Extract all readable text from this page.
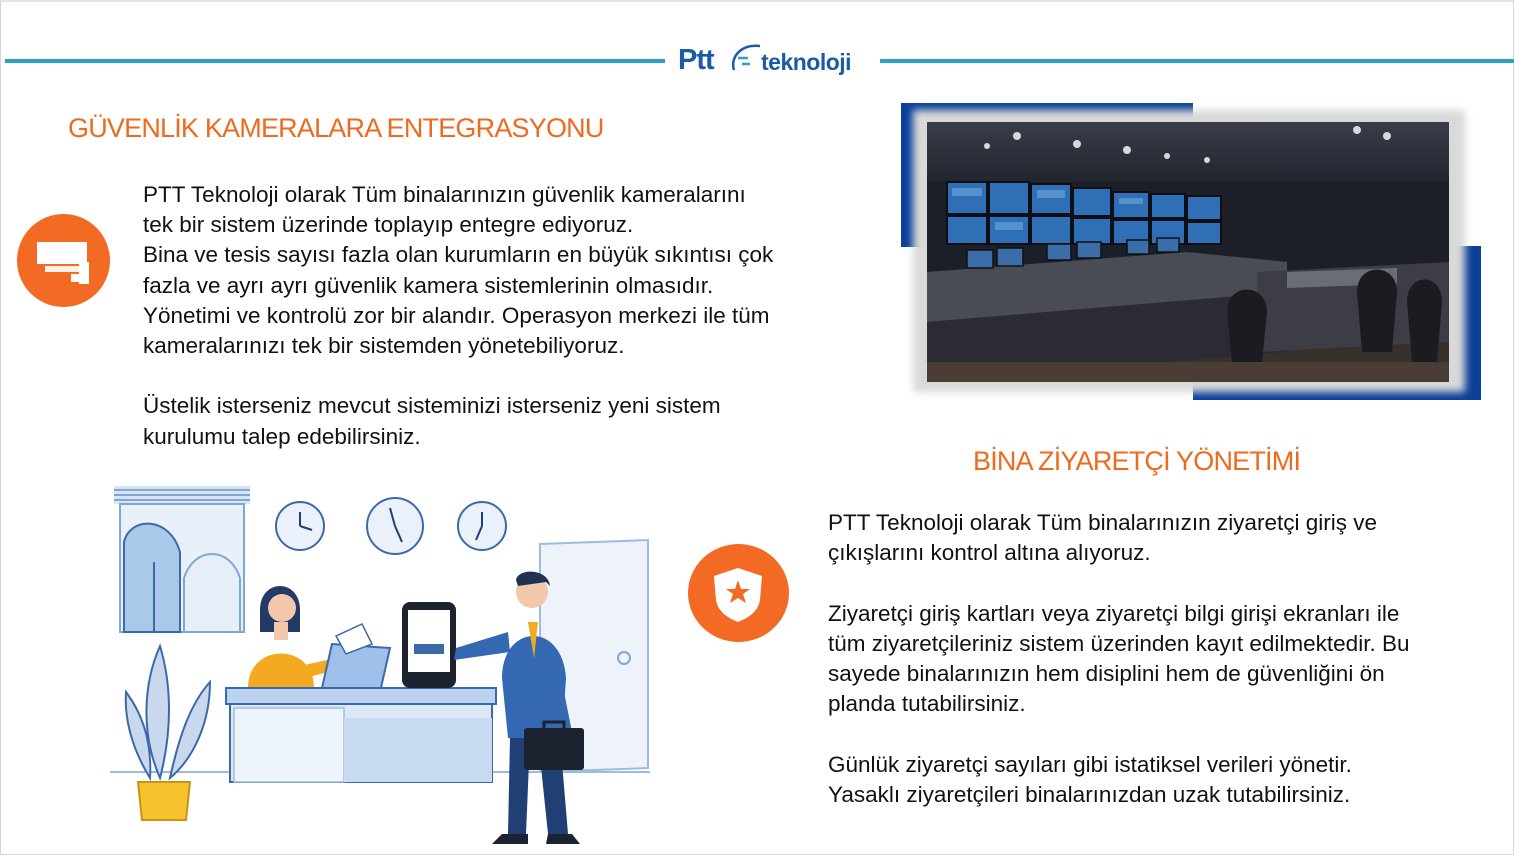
Ptt teknoloji
GÜVENLİK KAMERALARA ENTEGRASYONU
PTT Teknoloji olarak Tüm binalarınızın güvenlik kameralarını
tek bir sistem üzerinde toplayıp entegre ediyoruz.
Bina ve tesis sayısı fazla olan kurumların en büyük sıkıntısı çok
fazla ve ayrı ayrı güvenlik kamera sistemlerinin olmasıdır.
Yönetimi ve kontrolü zor bir alandır. Operasyon merkezi ile tüm
kameralarınızı tek bir sistemden yönetebiliyoruz.
Üstelik isterseniz mevcut sisteminizi isterseniz yeni sistem
kurulumu talep edebilirsiniz.
BİNA ZİYARETÇİ YÖNETİMİ
PTT Teknoloji olarak Tüm binalarınızın ziyaretçi giriş ve
çıkışlarını kontrol altına alıyoruz.
Ziyaretçi giriş kartları veya ziyaretçi bilgi girişi ekranları ile
tüm ziyaretçileriniz sistem üzerinden kayıt edilmektedir. Bu
sayede binalarınızın hem disiplini hem de güvenliğini ön
planda tutabilirsiniz.
Günlük ziyaretçi sayıları gibi istatiksel verileri yönetir.
Yasaklı ziyaretçileri binalarınızdan uzak tutabilirsiniz.
